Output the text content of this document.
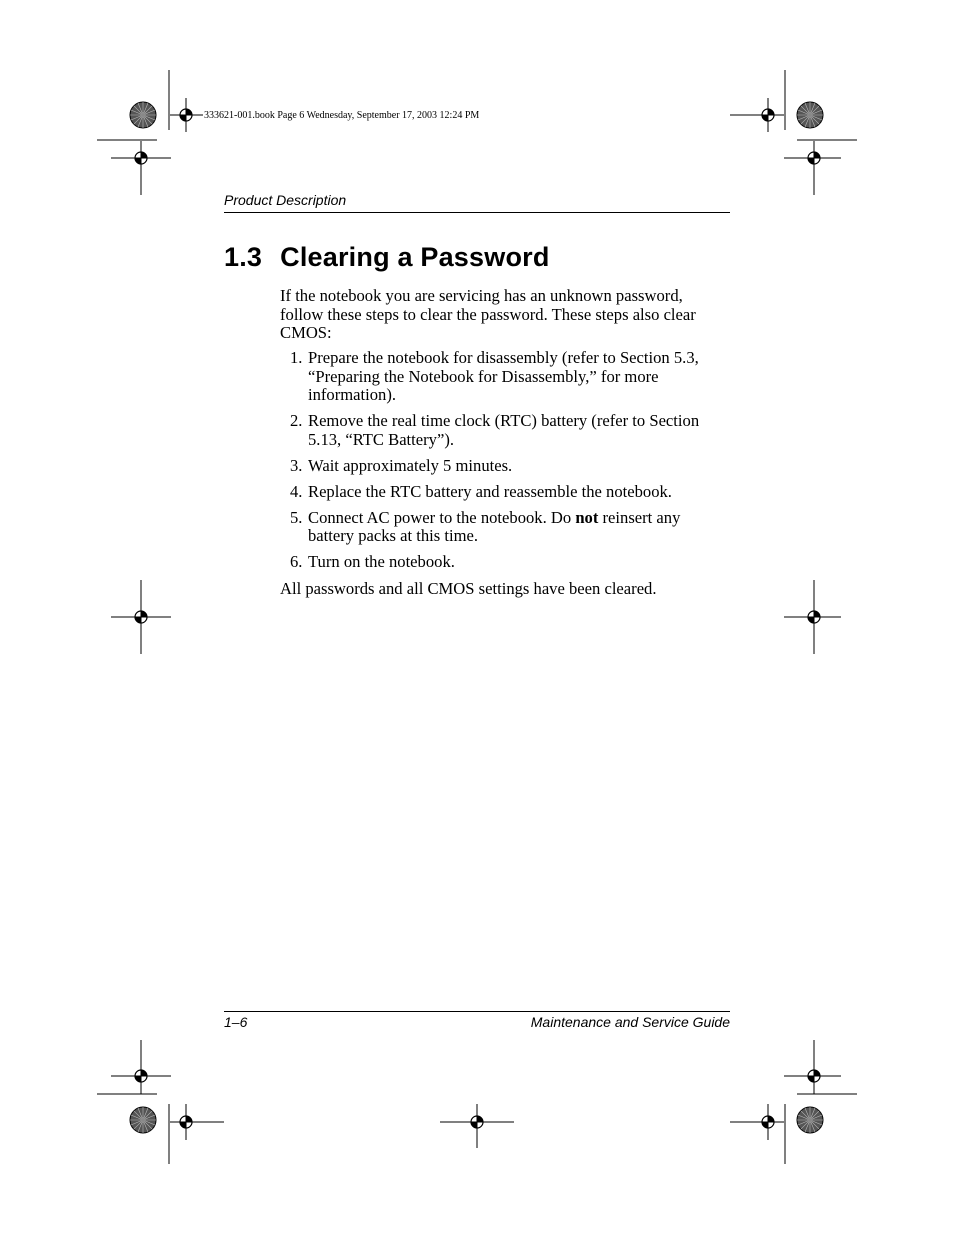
333621-001.book Page 6 Wednesday, September 17, 2003 12:24 PM
Product Description
1.3 Clearing a Password
If the notebook you are servicing has an unknown password, follow these steps to clear the password. These steps also clear CMOS:
1. Prepare the notebook for disassembly (refer to Section 5.3, “Preparing the Notebook for Disassembly,” for more information).
2. Remove the real time clock (RTC) battery (refer to Section 5.13, “RTC Battery”).
3. Wait approximately 5 minutes.
4. Replace the RTC battery and reassemble the notebook.
5. Connect AC power to the notebook. Do not reinsert any battery packs at this time.
6. Turn on the notebook.
All passwords and all CMOS settings have been cleared.
1–6	Maintenance and Service Guide
